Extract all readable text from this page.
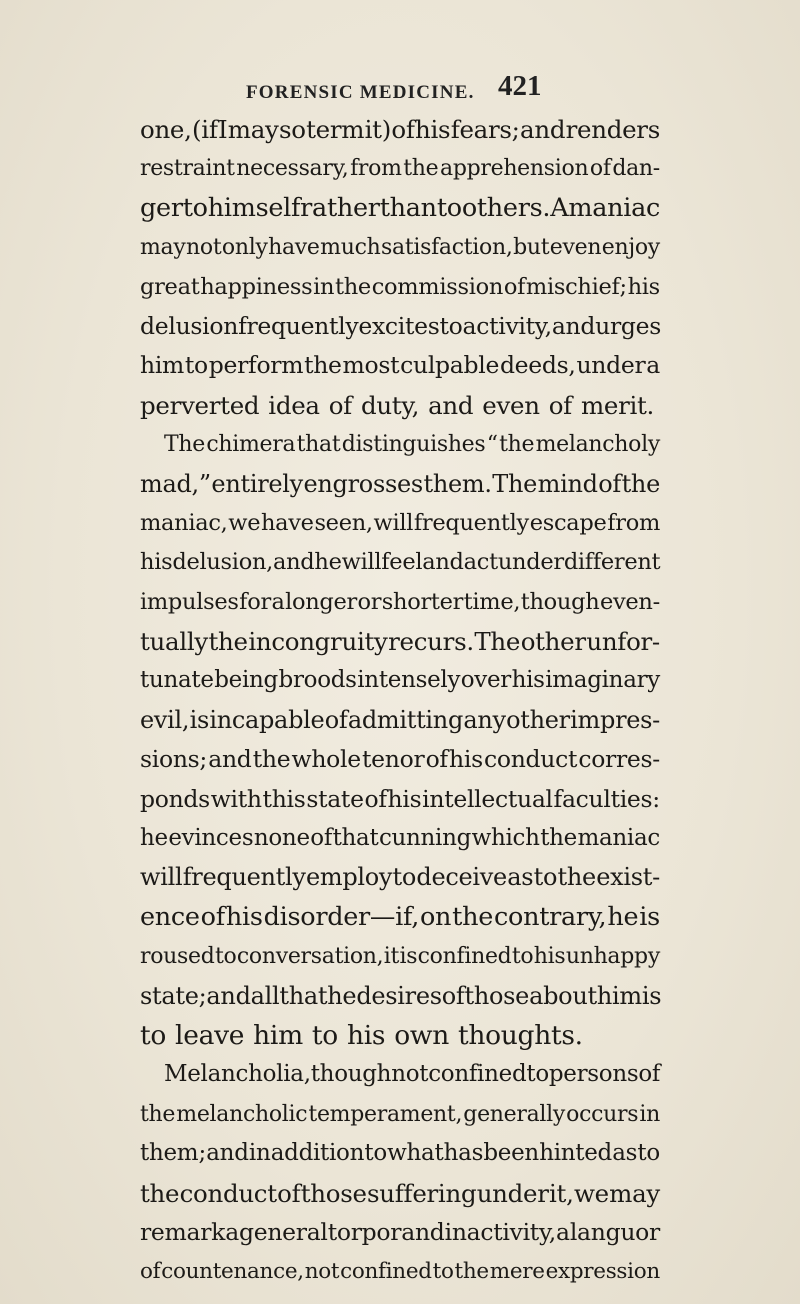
FORENSIC MEDICINE. 421
one, (if I may so term it) of his fears; and renders
restraint necessary, from the apprehension of dan-
ger to himself rather than to others. A maniac
may not only have much satisfaction, but even enjoy
great happiness in the commission of mischief; his
delusion frequently excites to activity, and urges
him to perform the most culpable deeds, under a
perverted idea of duty, and even of merit.
The chimera that distinguishes “ the melancholy
mad,” entirely engrosses them. The mind of the
maniac, we have seen, will frequently escape from
his delusion, and he will feel and act under different
impulses for a longer or shorter time, though even-
tually the incongruity recurs. The other unfor-
tunate being broods intensely over his imaginary
evil, is incapable of admitting any other impres-
sions; and the whole tenor of his conduct corres-
ponds with this state of his intellectual faculties:
he evinces none of that cunning which the maniac
will frequently employ to deceive as to the exist-
ence of his disorder—if, on the contrary, he is
roused to conversation, it is confined to his unhappy
state; and all that he desires of those about him is
to leave him to his own thoughts.
Melancholia, though not confined to persons of
the melancholic temperament, generally occurs in
them ; and in addition to what has been hinted as to
the conduct of those suffering under it, we may
remark a general torpor and inactivity, a languor
of countenance, not confined to the mere expression
